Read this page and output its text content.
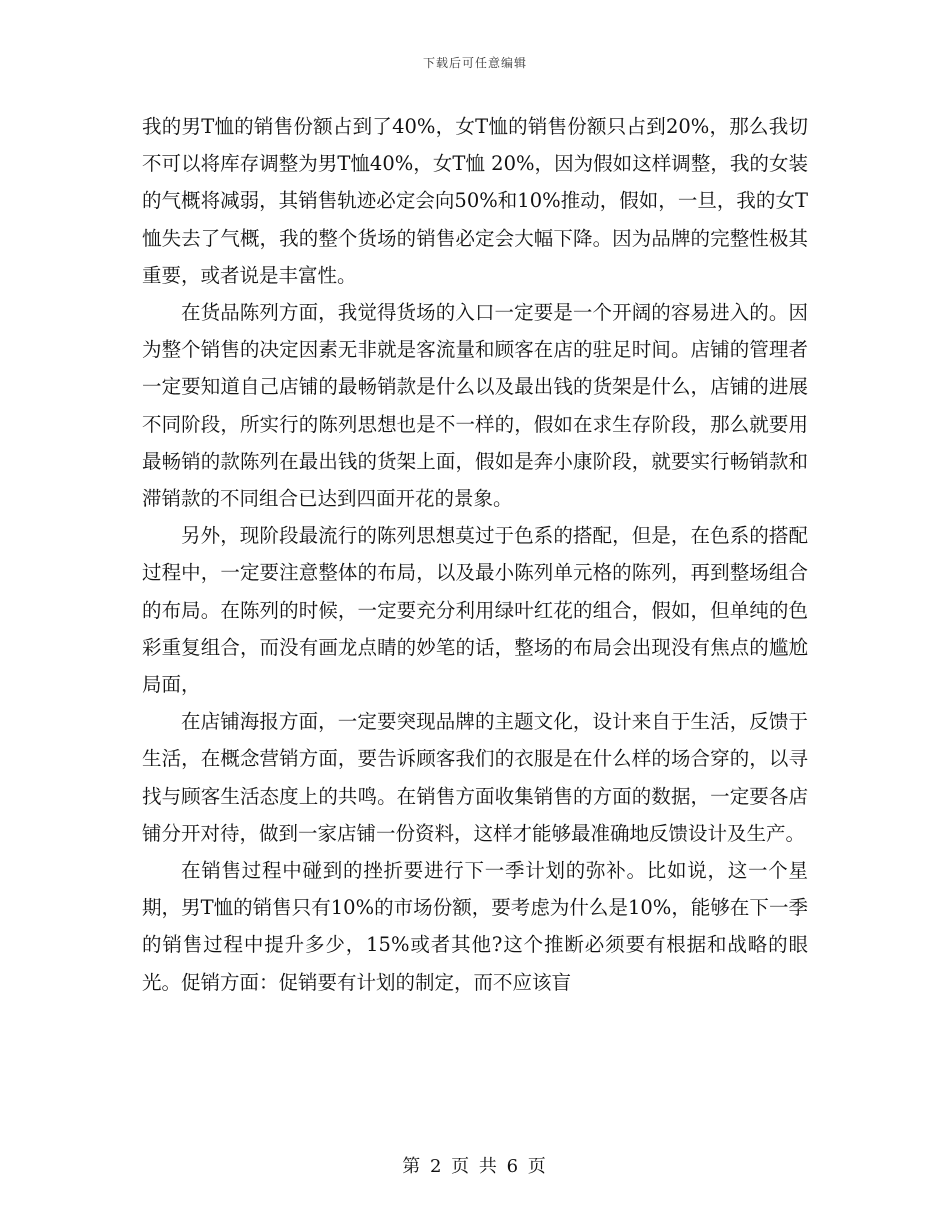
下载后可任意编辑

我的男T恤的销售份额占到了40%，女T恤的销售份额只占到20%，那么我切不可以将库存调整为男T恤40%，女T恤 20%，因为假如这样调整，我的女装的气概将减弱，其销售轨迹必定会向50%和10%推动，假如，一旦，我的女T恤失去了气概，我的整个货场的销售必定会大幅下降。因为品牌的完整性极其重要，或者说是丰富性。

在货品陈列方面，我觉得货场的入口一定要是一个开阔的容易进入的。因为整个销售的决定因素无非就是客流量和顾客在店的驻足时间。店铺的管理者一定要知道自己店铺的最畅销款是什么以及最出钱的货架是什么，店铺的进展不同阶段，所实行的陈列思想也是不一样的，假如在求生存阶段，那么就要用最畅销的款陈列在最出钱的货架上面，假如是奔小康阶段，就要实行畅销款和滞销款的不同组合已达到四面开花的景象。

另外，现阶段最流行的陈列思想莫过于色系的搭配，但是，在色系的搭配过程中，一定要注意整体的布局，以及最小陈列单元格的陈列，再到整场组合的布局。在陈列的时候，一定要充分利用绿叶红花的组合，假如，但单纯的色彩重复组合，而没有画龙点睛的妙笔的话，整场的布局会出现没有焦点的尴尬局面，

在店铺海报方面，一定要突现品牌的主题文化，设计来自于生活，反馈于生活，在概念营销方面，要告诉顾客我们的衣服是在什么样的场合穿的，以寻找与顾客生活态度上的共鸣。在销售方面收集销售的方面的数据，一定要各店铺分开对待，做到一家店铺一份资料，这样才能够最准确地反馈设计及生产。

在销售过程中碰到的挫折要进行下一季计划的弥补。比如说，这一个星期，男T恤的销售只有10%的市场份额，要考虑为什么是10%，能够在下一季的销售过程中提升多少，15%或者其他?这个推断必须要有根据和战略的眼光。促销方面：促销要有计划的制定，而不应该盲

第 2 页 共 6 页
